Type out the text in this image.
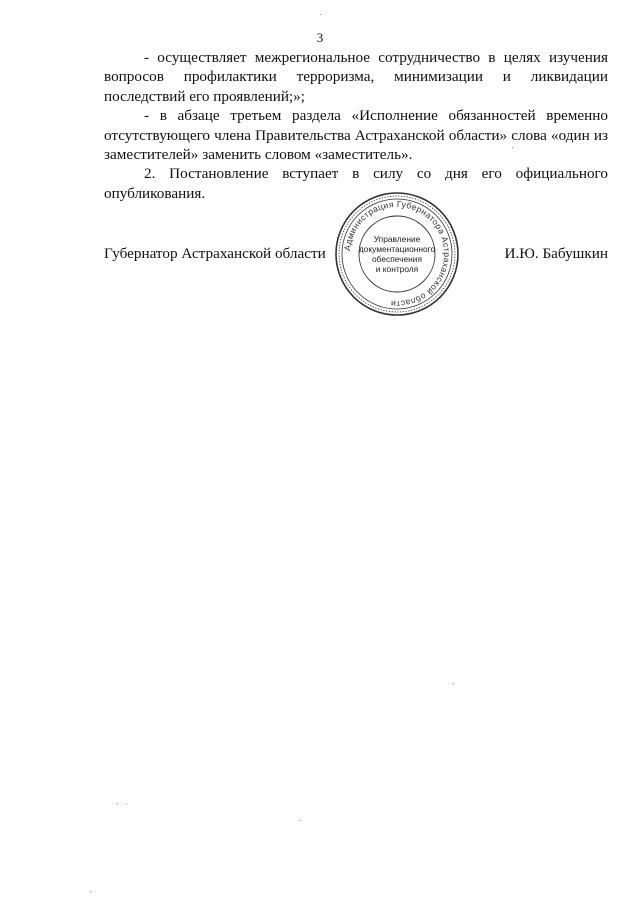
3

- осуществляет межрегиональное сотрудничество в целях изучения вопросов профилактики терроризма, минимизации и ликвидации последствий его проявлений;»;

- в абзаце третьем раздела «Исполнение обязанностей временно отсутствующего члена Правительства Астраханской области» слова «один из заместителей» заменить словом «заместитель».

2. Постановление вступает в силу со дня его официального опубликования.

Губернатор Астраханской области	И.Ю. Бабушкин
Администрация Губернатора Астраханской области
Управление
документационного
обеспечения
и контроля
